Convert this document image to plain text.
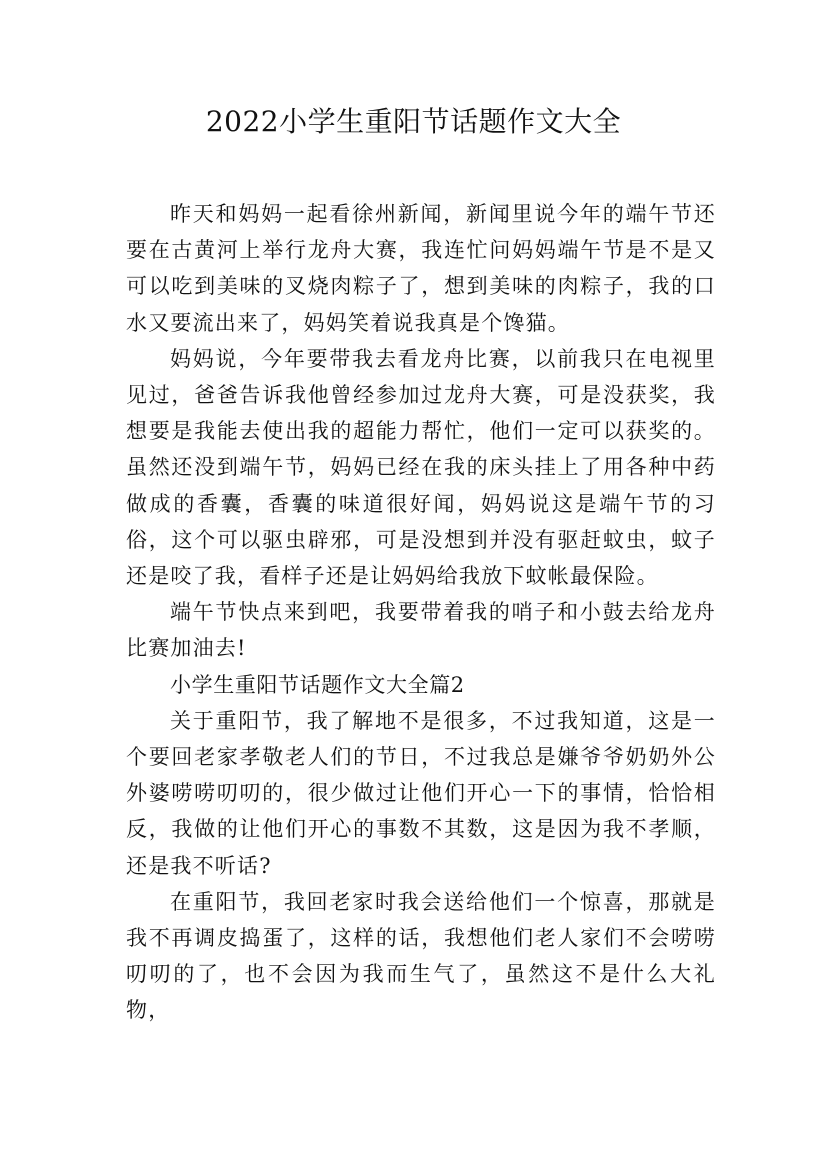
2022小学生重阳节话题作文大全

昨天和妈妈一起看徐州新闻，新闻里说今年的端午节还要在古黄河上举行龙舟大赛，我连忙问妈妈端午节是不是又可以吃到美味的叉烧肉粽子了，想到美味的肉粽子，我的口水又要流出来了，妈妈笑着说我真是个馋猫。

妈妈说，今年要带我去看龙舟比赛，以前我只在电视里见过，爸爸告诉我他曾经参加过龙舟大赛，可是没获奖，我想要是我能去使出我的超能力帮忙，他们一定可以获奖的。虽然还没到端午节，妈妈已经在我的床头挂上了用各种中药做成的香囊，香囊的味道很好闻，妈妈说这是端午节的习俗，这个可以驱虫辟邪，可是没想到并没有驱赶蚊虫，蚊子还是咬了我，看样子还是让妈妈给我放下蚊帐最保险。

端午节快点来到吧，我要带着我的哨子和小鼓去给龙舟比赛加油去!

小学生重阳节话题作文大全篇2

关于重阳节，我了解地不是很多，不过我知道，这是一个要回老家孝敬老人们的节日，不过我总是嫌爷爷奶奶外公外婆唠唠叨叨的，很少做过让他们开心一下的事情，恰恰相反，我做的让他们开心的事数不其数，这是因为我不孝顺，还是我不听话?

在重阳节，我回老家时我会送给他们一个惊喜，那就是我不再调皮捣蛋了，这样的话，我想他们老人家们不会唠唠叨叨的了，也不会因为我而生气了，虽然这不是什么大礼物，
